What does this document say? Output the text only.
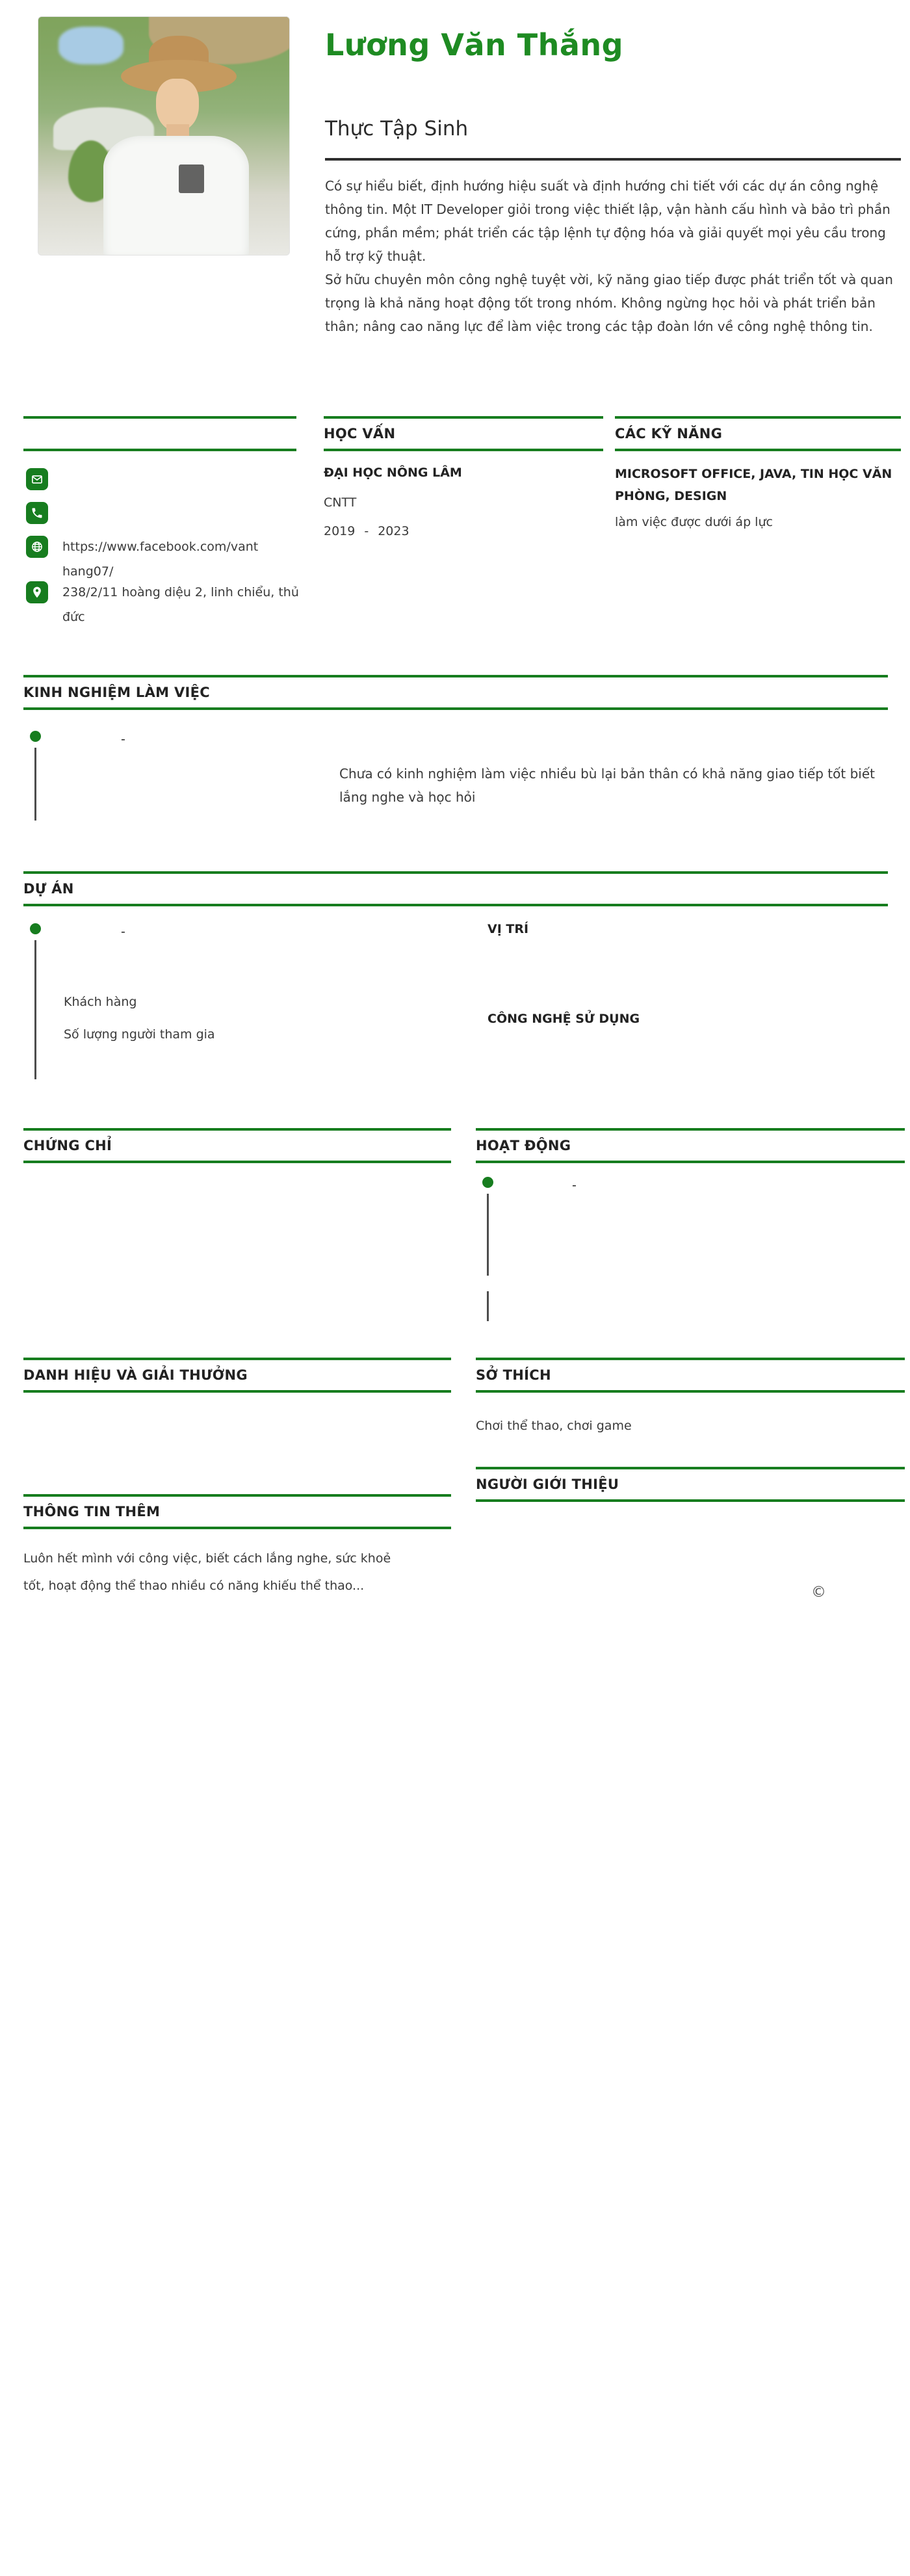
Lương Văn Thắng
Thực Tập Sinh

Có sự hiểu biết, định hướng hiệu suất và định hướng chi tiết với các dự án công nghệ thông tin. Một IT Developer giỏi trong việc thiết lập, vận hành cấu hình và bảo trì phần cứng, phần mềm; phát triển các tập lệnh tự động hóa và giải quyết mọi yêu cầu trong hỗ trợ kỹ thuật.

Sở hữu chuyên môn công nghệ tuyệt vời, kỹ năng giao tiếp được phát triển tốt và quan trọng là khả năng hoạt động tốt trong nhóm. Không ngừng học hỏi và phát triển bản thân; nâng cao năng lực để làm việc trong các tập đoàn lớn về công nghệ thông tin.

HỌC VẤN	CÁC KỸ NĂNG
https://www.facebook.com/vanthang07/
238/2/11 hoàng diệu 2, linh chiểu, thủ đức
ĐẠI HỌC NÔNG LÂM
CNTT
2019 - 2023
MICROSOFT OFFICE, JAVA, TIN HỌC VĂN PHÒNG, DESIGN
làm việc được dưới áp lực
KINH NGHIỆM LÀM VIỆC
-
Chưa có kinh nghiệm làm việc nhiều bù lại bản thân có khả năng giao tiếp tốt biết lắng nghe và học hỏi
DỰ ÁN
-	VỊ TRÍ
Khách hàng
CÔNG NGHỆ SỬ DỤNG
Số lượng người tham gia
CHỨNG CHỈ	HOẠT ĐỘNG
-
DANH HIỆU VÀ GIẢI THƯỞNG	SỞ THÍCH
Chơi thể thao, chơi game
NGƯỜI GIỚI THIỆU
THÔNG TIN THÊM
Luôn hết mình với công việc, biết cách lắng nghe, sức khoẻ tốt, hoạt động thể thao nhiều có năng khiếu thể thao...	©
